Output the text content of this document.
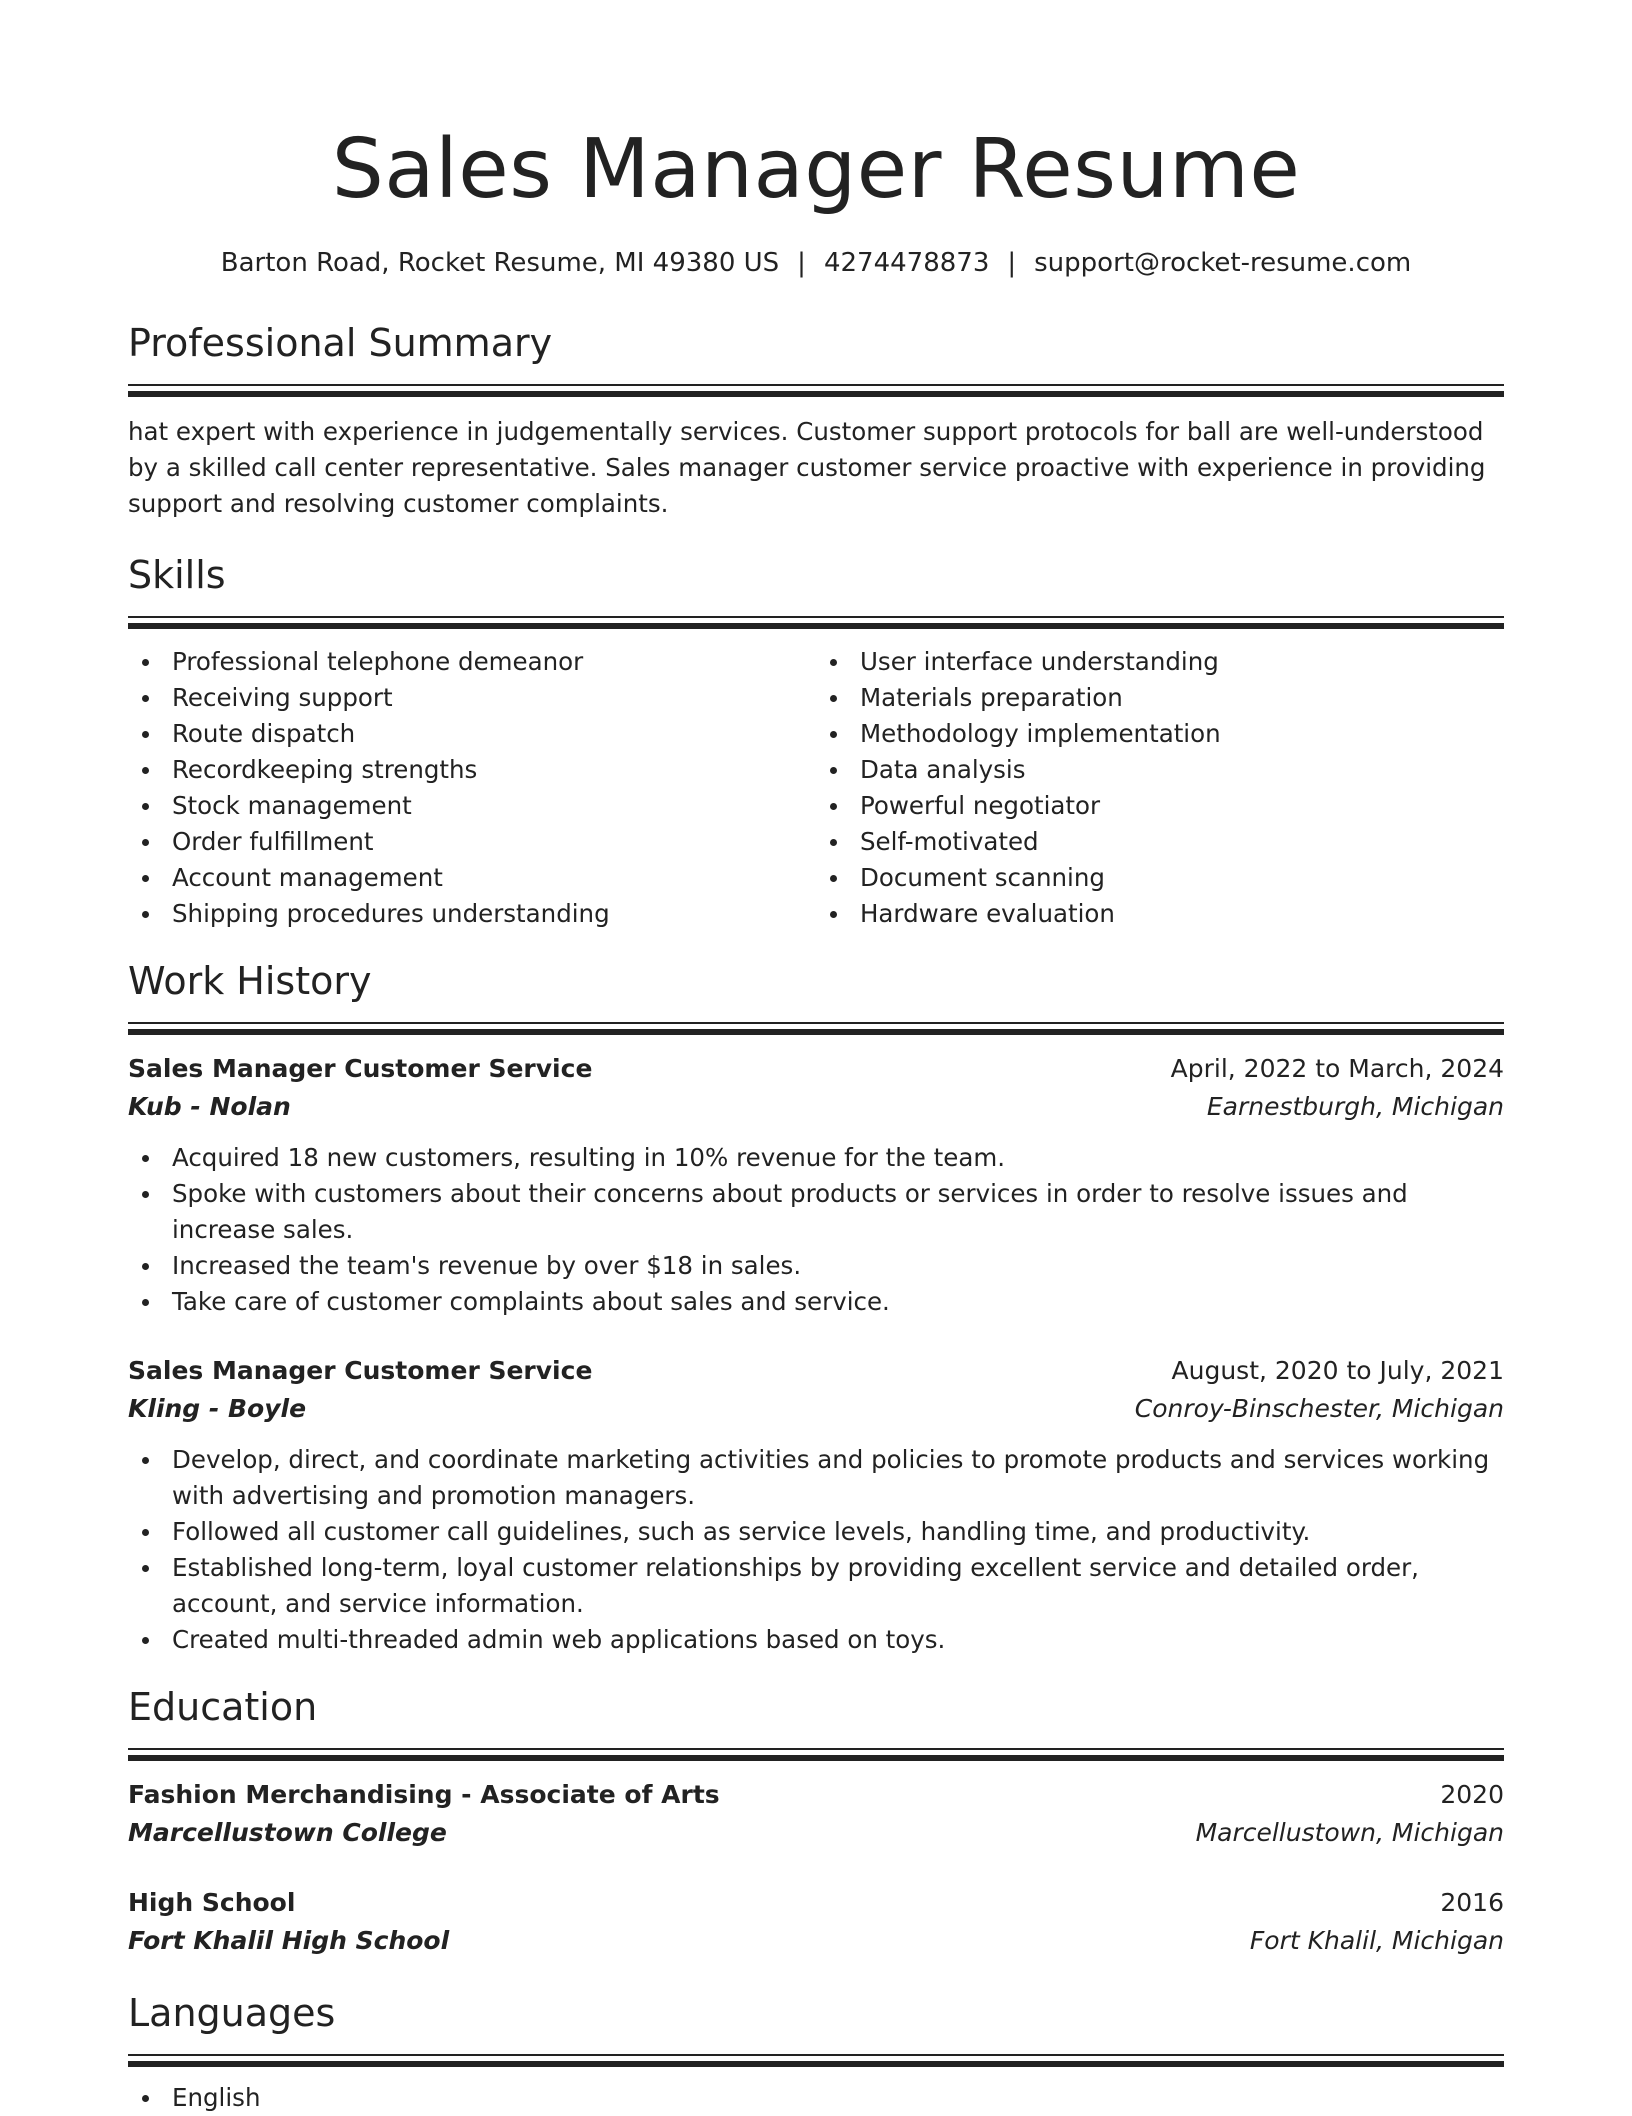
Sales Manager Resume
Barton Road, Rocket Resume, MI 49380 US | 4274478873 | support@rocket-resume.com
Professional Summary

hat expert with experience in judgementally services. Customer support protocols for ball are well-understood by a skilled call center representative. Sales manager customer service proactive with experience in providing support and resolving customer complaints.

Skills
Professional telephone demeanor
Receiving support
Route dispatch
Recordkeeping strengths
Stock management
Order fulfillment
Account management
Shipping procedures understanding
User interface understanding
Materials preparation
Methodology implementation
Data analysis
Powerful negotiator
Self-motivated
Document scanning
Hardware evaluation
Work History
Sales Manager Customer Service	April, 2022 to March, 2024
Kub - Nolan	Earnestburgh, Michigan
Acquired 18 new customers, resulting in 10% revenue for the team.
Spoke with customers about their concerns about products or services in order to resolve issues and increase sales.
Increased the team's revenue by over $18 in sales.
Take care of customer complaints about sales and service.
Sales Manager Customer Service	August, 2020 to July, 2021
Kling - Boyle	Conroy-Binschester, Michigan
Develop, direct, and coordinate marketing activities and policies to promote products and services working with advertising and promotion managers.
Followed all customer call guidelines, such as service levels, handling time, and productivity.
Established long-term, loyal customer relationships by providing excellent service and detailed order, account, and service information.
Created multi-threaded admin web applications based on toys.
Education
Fashion Merchandising - Associate of Arts	2020
Marcellustown College	Marcellustown, Michigan
High School	2016
Fort Khalil High School	Fort Khalil, Michigan
Languages
English
